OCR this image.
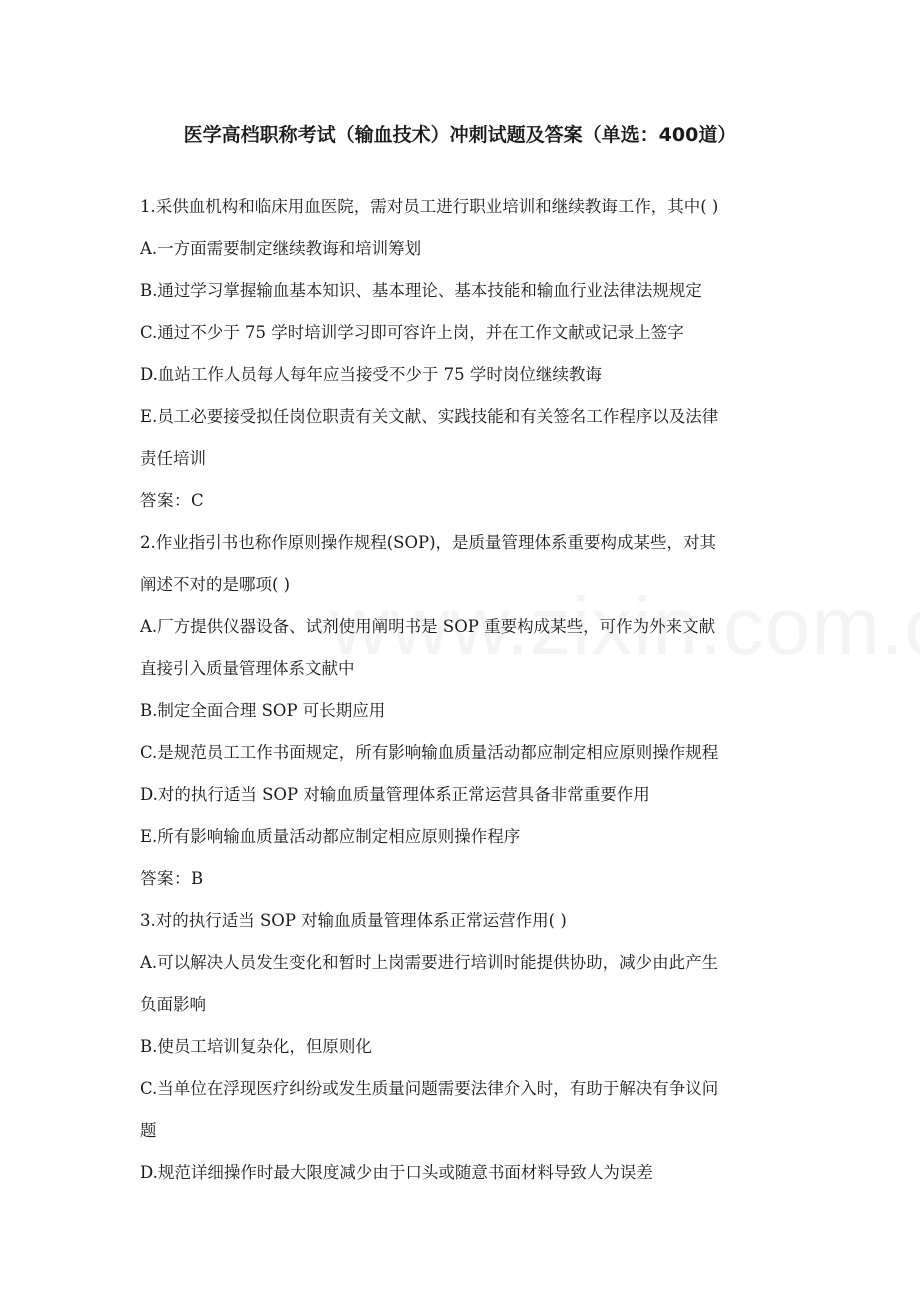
医学高档职称考试（输血技术）冲刺试题及答案（单选：400道）
1.采供血机构和临床用血医院，需对员工进行职业培训和继续教诲工作，其中( )
A.一方面需要制定继续教诲和培训筹划
B.通过学习掌握输血基本知识、基本理论、基本技能和输血行业法律法规规定
C.通过不少于 75 学时培训学习即可容许上岗，并在工作文献或记录上签字
D.血站工作人员每人每年应当接受不少于 75 学时岗位继续教诲
E.员工必要接受拟任岗位职责有关文献、实践技能和有关签名工作程序以及法律
责任培训
答案：C
2.作业指引书也称作原则操作规程(SOP)，是质量管理体系重要构成某些，对其
阐述不对的是哪项( )
A.厂方提供仪器设备、试剂使用阐明书是 SOP 重要构成某些，可作为外来文献
直接引入质量管理体系文献中
B.制定全面合理 SOP 可长期应用
C.是规范员工工作书面规定，所有影响输血质量活动都应制定相应原则操作规程
D.对的执行适当 SOP 对输血质量管理体系正常运营具备非常重要作用
E.所有影响输血质量活动都应制定相应原则操作程序
答案：B
3.对的执行适当 SOP 对输血质量管理体系正常运营作用( )
A.可以解决人员发生变化和暂时上岗需要进行培训时能提供协助，减少由此产生
负面影响
B.使员工培训复杂化，但原则化
C.当单位在浮现医疗纠纷或发生质量问题需要法律介入时，有助于解决有争议问
题
D.规范详细操作时最大限度减少由于口头或随意书面材料导致人为误差
